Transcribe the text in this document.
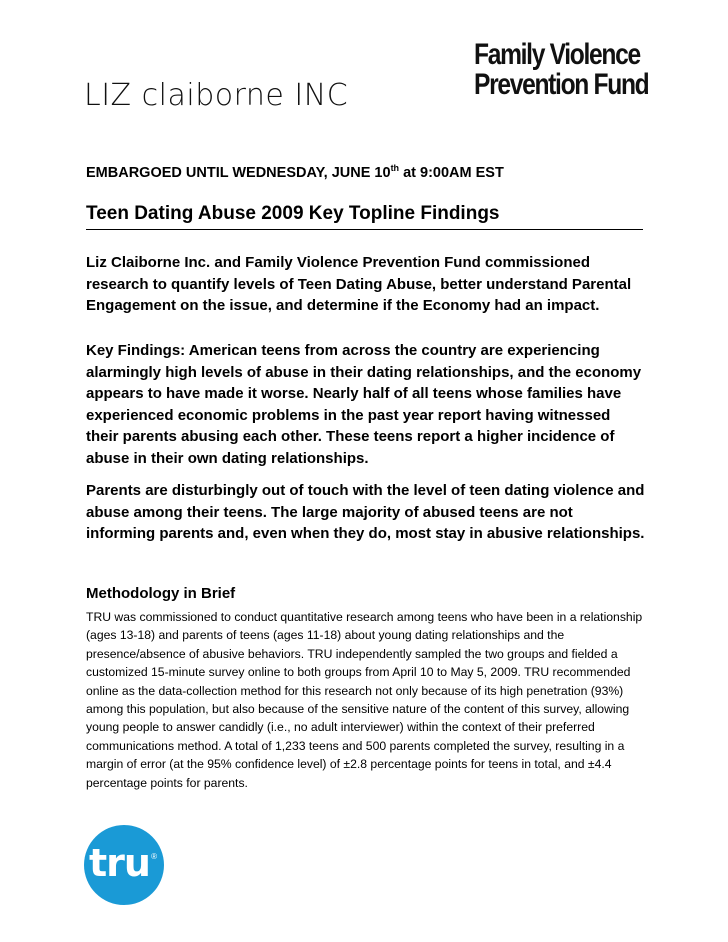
LIZ claiborne INC
Family Violence
Prevention Fund
EMBARGOED UNTIL WEDNESDAY, JUNE 10th at 9:00AM EST
Teen Dating Abuse 2009 Key Topline Findings
Liz Claiborne Inc. and Family Violence Prevention Fund commissioned research to quantify levels of Teen Dating Abuse, better understand Parental Engagement on the issue, and determine if the Economy had an impact.
Key Findings: American teens from across the country are experiencing alarmingly high levels of abuse in their dating relationships, and the economy appears to have made it worse. Nearly half of all teens whose families have experienced economic problems in the past year report having witnessed their parents abusing each other. These teens report a higher incidence of abuse in their own dating relationships.
Parents are disturbingly out of touch with the level of teen dating violence and abuse among their teens. The large majority of abused teens are not informing parents and, even when they do, most stay in abusive relationships.
Methodology in Brief
TRU was commissioned to conduct quantitative research among teens who have been in a relationship (ages 13-18) and parents of teens (ages 11-18) about young dating relationships and the presence/absence of abusive behaviors. TRU independently sampled the two groups and fielded a customized 15-minute survey online to both groups from April 10 to May 5, 2009. TRU recommended online as the data-collection method for this research not only because of its high penetration (93%) among this population, but also because of the sensitive nature of the content of this survey, allowing young people to answer candidly (i.e., no adult interviewer) within the context of their preferred communications method. A total of 1,233 teens and 500 parents completed the survey, resulting in a margin of error (at the 95% confidence level) of ±2.8 percentage points for teens in total, and ±4.4 percentage points for parents.
tru ®
